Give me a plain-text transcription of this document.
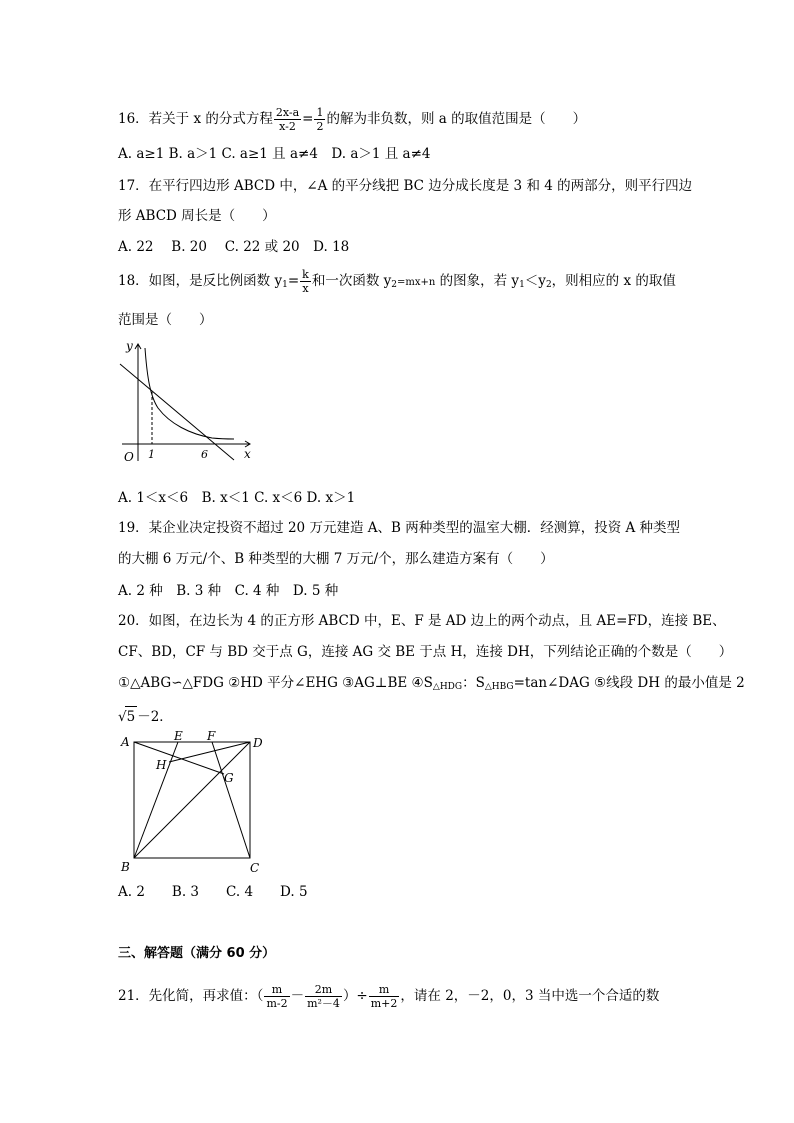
16．若关于 x 的分式方程 $\frac{2x-a}{x-2} = \frac{1}{2}$ 的解为非负数，则 a 的取值范围是（　　）
A. a≥1 B. a＞1 C. a≥1 且 a≠4　D. a＞1 且 a≠4
17．在平行四边形 ABCD 中，∠A 的平分线把 BC 边分成长度是 3 和 4 的两部分，则平行四边
形 ABCD 周长是（　　）
A. 22　 B. 20　 C. 22 或 20　D. 18
18．如图，是反比例函数 $y_1= \frac{k}{x}$ 和一次函数 $y_2=mx+n$ 的图象，若 $y_1<y_2$，则相应的 x 的取值
范围是（　　）
y
x
O 1	6
A. 1＜x＜6　B. x＜1 C. x＜6 D. x＞1
19．某企业决定投资不超过 20 万元建造 A、B 两种类型的温室大棚．经测算，投资 A 种类型
的大棚 6 万元/个、B 种类型的大棚 7 万元/个，那么建造方案有（　　）
A. 2 种　B. 3 种　C. 4 种　D. 5 种
20．如图，在边长为 4 的正方形 ABCD 中，E、F 是 AD 边上的两个动点，且 AE=FD，连接 BE、
CF、BD，CF 与 BD 交于点 G，连接 AG 交 BE 于点 H，连接 DH，下列结论正确的个数是（　　）
①△ABG∽△FDG ②HD 平分∠EHG ③AG⊥BE $④S_{\triangle HDG}$：$S_{\triangle HBG}=\tan\angle DAG$ ⑤线段 DH 的最小值是 2
√5 －2．
A	D
B	C
E F
H
G
A. 2　　B. 3　　C. 4　　D. 5
三、解答题（满分 60 分）
21．先化简，再求值：（ $\frac{m}{m-2} - \frac{2m}{\text{m²－4}}$ ）÷ $\frac{m}{m+2}$ ，请在 2，－2，0，3 当中选一个合适的数
